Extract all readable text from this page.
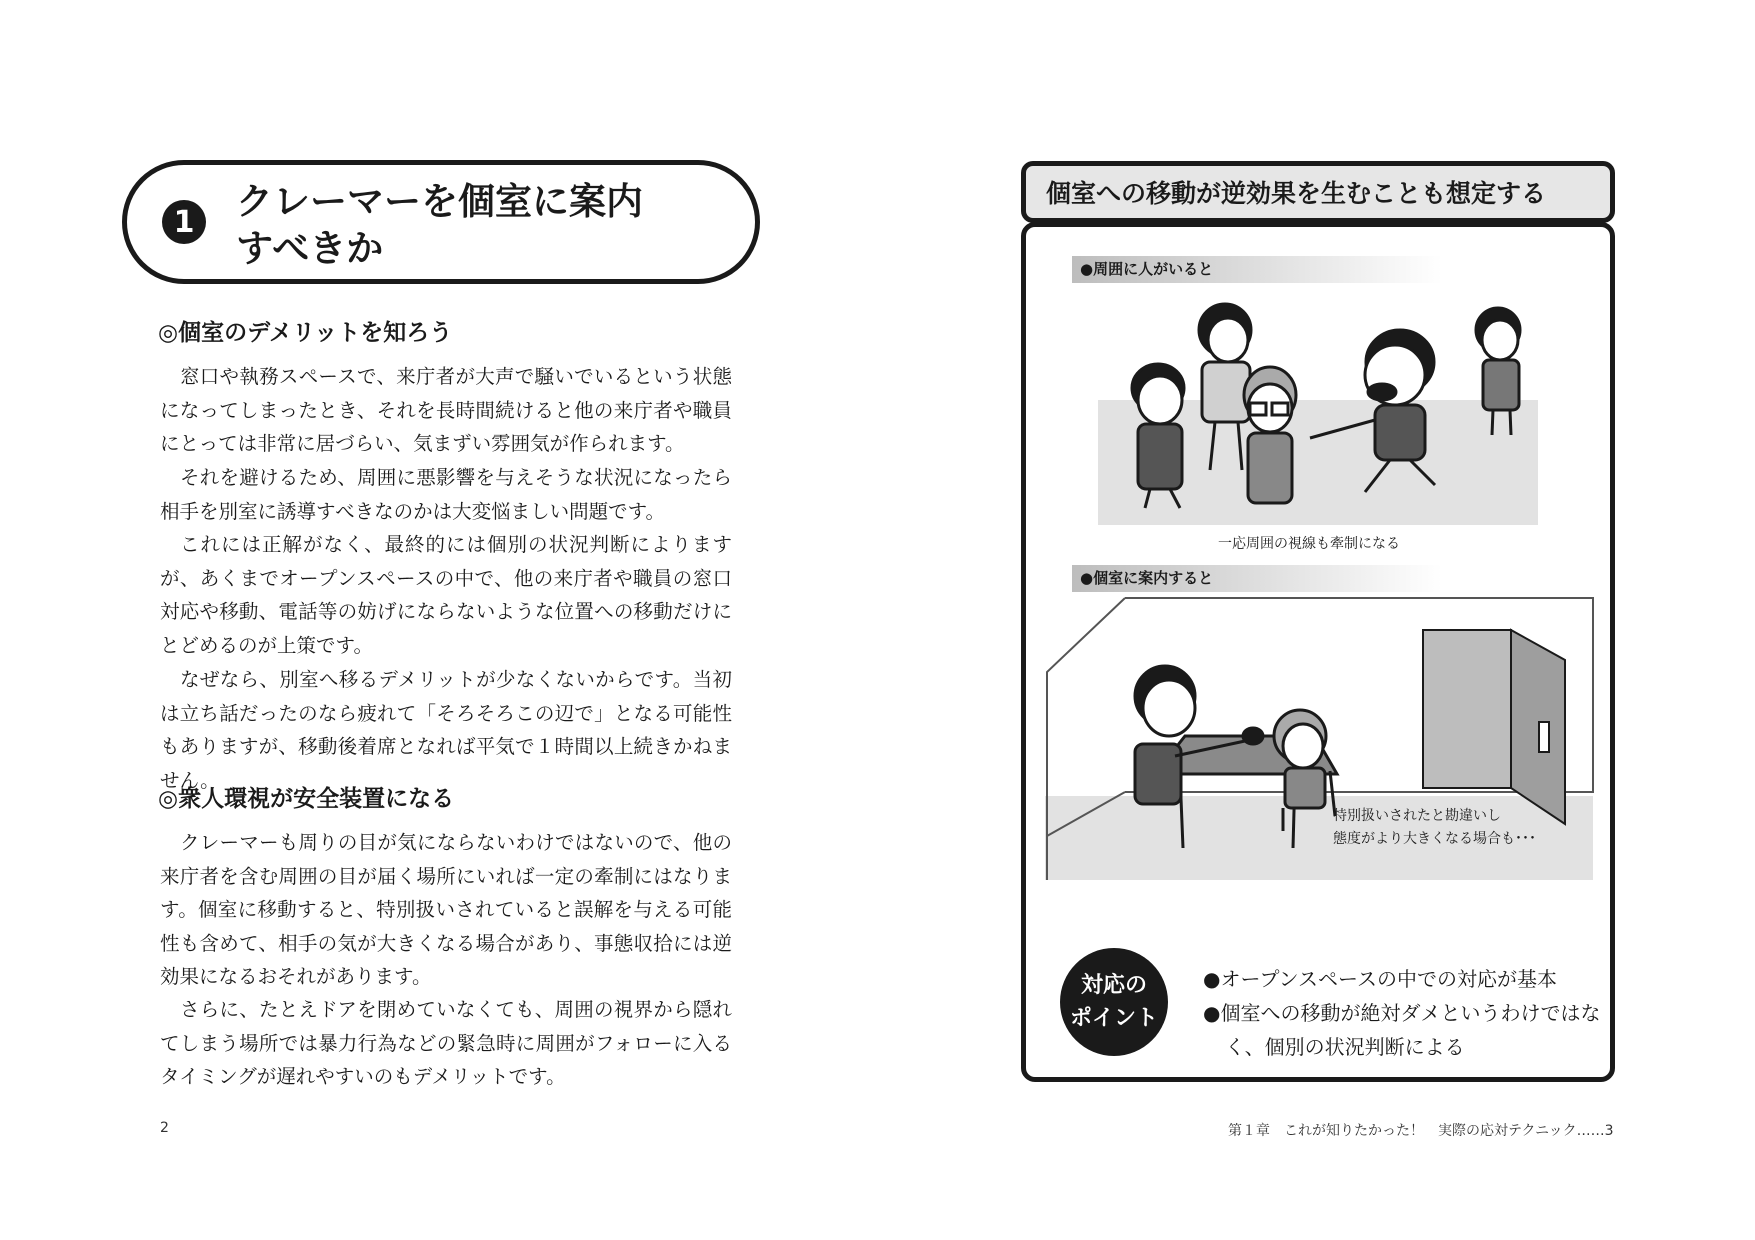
1	クレーマーを個室に案内
すべきか
◎個室のデメリットを知ろう

窓口や執務スペースで、来庁者が大声で騒いでいるという状態になってしまったとき、それを長時間続けると他の来庁者や職員にとっては非常に居づらい、気まずい雰囲気が作られます。

それを避けるため、周囲に悪影響を与えそうな状況になったら相手を別室に誘導すべきなのかは大変悩ましい問題です。

これには正解がなく、最終的には個別の状況判断によりますが、あくまでオープンスペースの中で、他の来庁者や職員の窓口対応や移動、電話等の妨げにならないような位置への移動だけにとどめるのが上策です。

なぜなら、別室へ移るデメリットが少なくないからです。当初は立ち話だったのなら疲れて「そろそろこの辺で」となる可能性もありますが、移動後着席となれば平気で１時間以上続きかねません。

◎衆人環視が安全装置になる

クレーマーも周りの目が気にならないわけではないので、他の来庁者を含む周囲の目が届く場所にいれば一定の牽制にはなります。個室に移動すると、特別扱いされていると誤解を与える可能性も含めて、相手の気が大きくなる場合があり、事態収拾には逆効果になるおそれがあります。

さらに、たとえドアを閉めていなくても、周囲の視界から隠れてしまう場所では暴力行為などの緊急時に周囲がフォローに入るタイミングが遅れやすいのもデメリットです。

2
個室への移動が逆効果を生むことも想定する
●周囲に人がいると
一応周囲の視線も牽制になる
●個室に案内すると
特別扱いされたと勘違いし
態度がより大きくなる場合も･･･
対応の
ポイント
●オープンスペースの中での対応が基本
●個室への移動が絶対ダメというわけではなく、個別の状況判断による
第１章　これが知りたかった！　実際の応対テクニック……3
